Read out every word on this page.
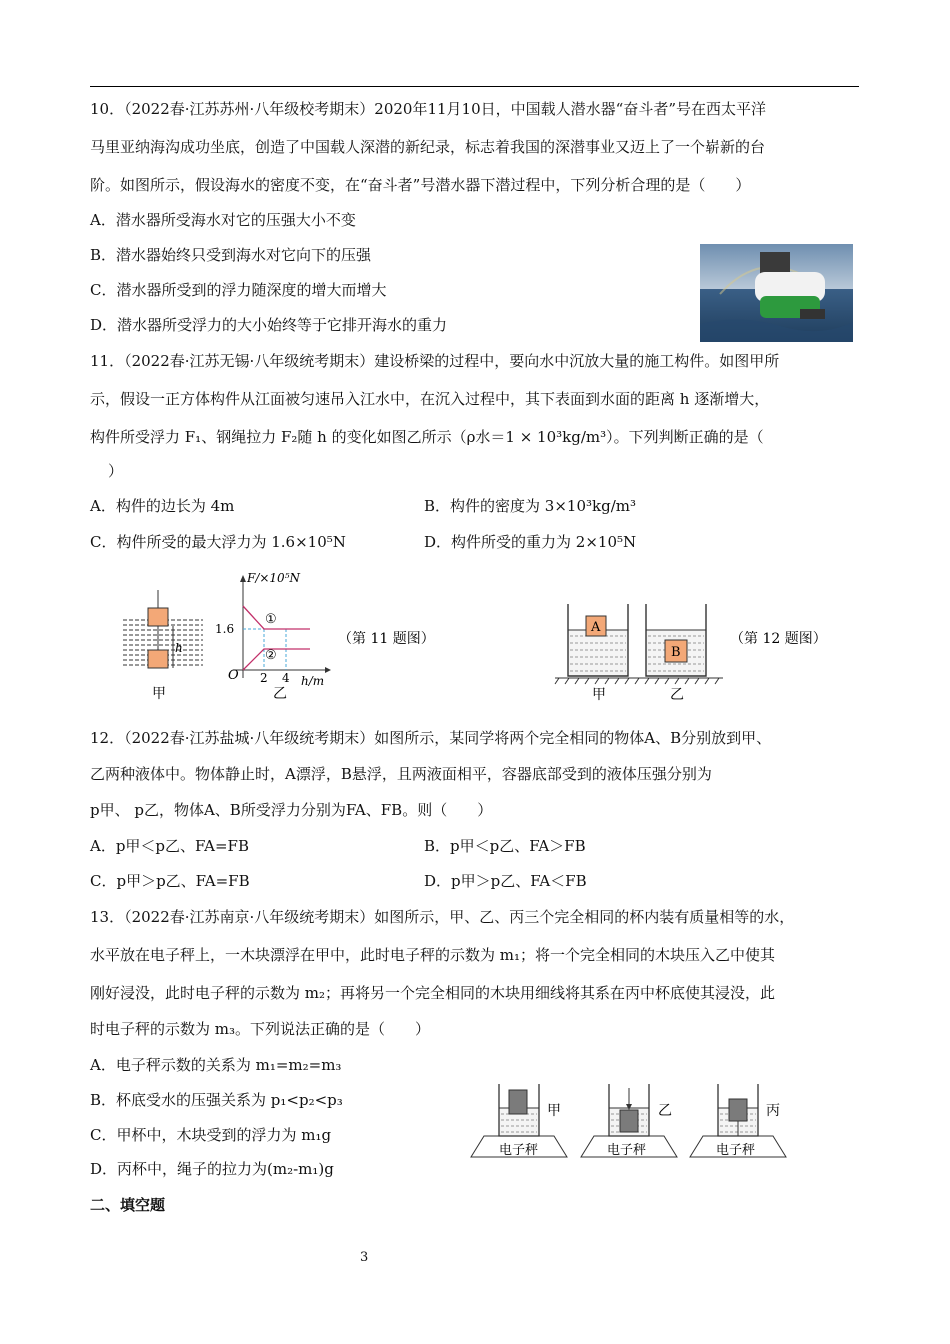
10．（2022春·江苏苏州·八年级校考期末）2020年11月10日，中国载人潜水器“奋斗者”号在西太平洋
马里亚纳海沟成功坐底，创造了中国载人深潜的新纪录，标志着我国的深潜事业又迈上了一个崭新的台
阶。如图所示，假设海水的密度不变，在“奋斗者”号潜水器下潜过程中，下列分析合理的是（　　）
A．潜水器所受海水对它的压强大小不变
B．潜水器始终只受到海水对它向下的压强
C．潜水器所受到的浮力随深度的增大而增大
D．潜水器所受浮力的大小始终等于它排开海水的重力
11．（2022春·江苏无锡·八年级统考期末）建设桥梁的过程中，要向水中沉放大量的施工构件。如图甲所
示，假设一正方体构件从江面被匀速吊入江水中，在沉入过程中，其下表面到水面的距离 h 逐渐增大，
构件所受浮力 F₁、钢绳拉力 F₂随 h 的变化如图乙所示（ρ水＝1 × 10³kg/m³）。下列判断正确的是（
）
A．构件的边长为 4m	B．构件的密度为 3×10³kg/m³
C．构件所受的最大浮力为 1.6×10⁵N	D．构件所受的重力为 2×10⁵N
h
甲
F/×10⁵N
h/m
O
1.6
2 4
①
②
乙
（第 11 题图）
A
B
甲	乙
（第 12 题图）
12．（2022春·江苏盐城·八年级统考期末）如图所示，某同学将两个完全相同的物体A、B分别放到甲、
乙两种液体中。物体静止时，A漂浮，B悬浮，且两液面相平，容器底部受到的液体压强分别为
p甲、 p乙，物体A、B所受浮力分别为FA、FB。则（　　）
A．p甲＜p乙、FA=FB	B．p甲＜p乙、FA＞FB
C．p甲＞p乙、FA=FB	D．p甲＞p乙、FA＜FB
13．（2022春·江苏南京·八年级统考期末）如图所示，甲、乙、丙三个完全相同的杯内装有质量相等的水，
水平放在电子秤上，一木块漂浮在甲中，此时电子秤的示数为 m₁；将一个完全相同的木块压入乙中使其
刚好浸没，此时电子秤的示数为 m₂；再将另一个完全相同的木块用细线将其系在丙中杯底使其浸没，此
时电子秤的示数为 m₃。下列说法正确的是（　　）
A．电子秤示数的关系为 m₁=m₂=m₃
B．杯底受水的压强关系为 p₁<p₂<p₃
C．甲杯中，木块受到的浮力为 m₁g
D．丙杯中，绳子的拉力为(m₂-m₁)g
甲
电子秤
乙
电子秤
丙
电子秤
二、填空题
3
